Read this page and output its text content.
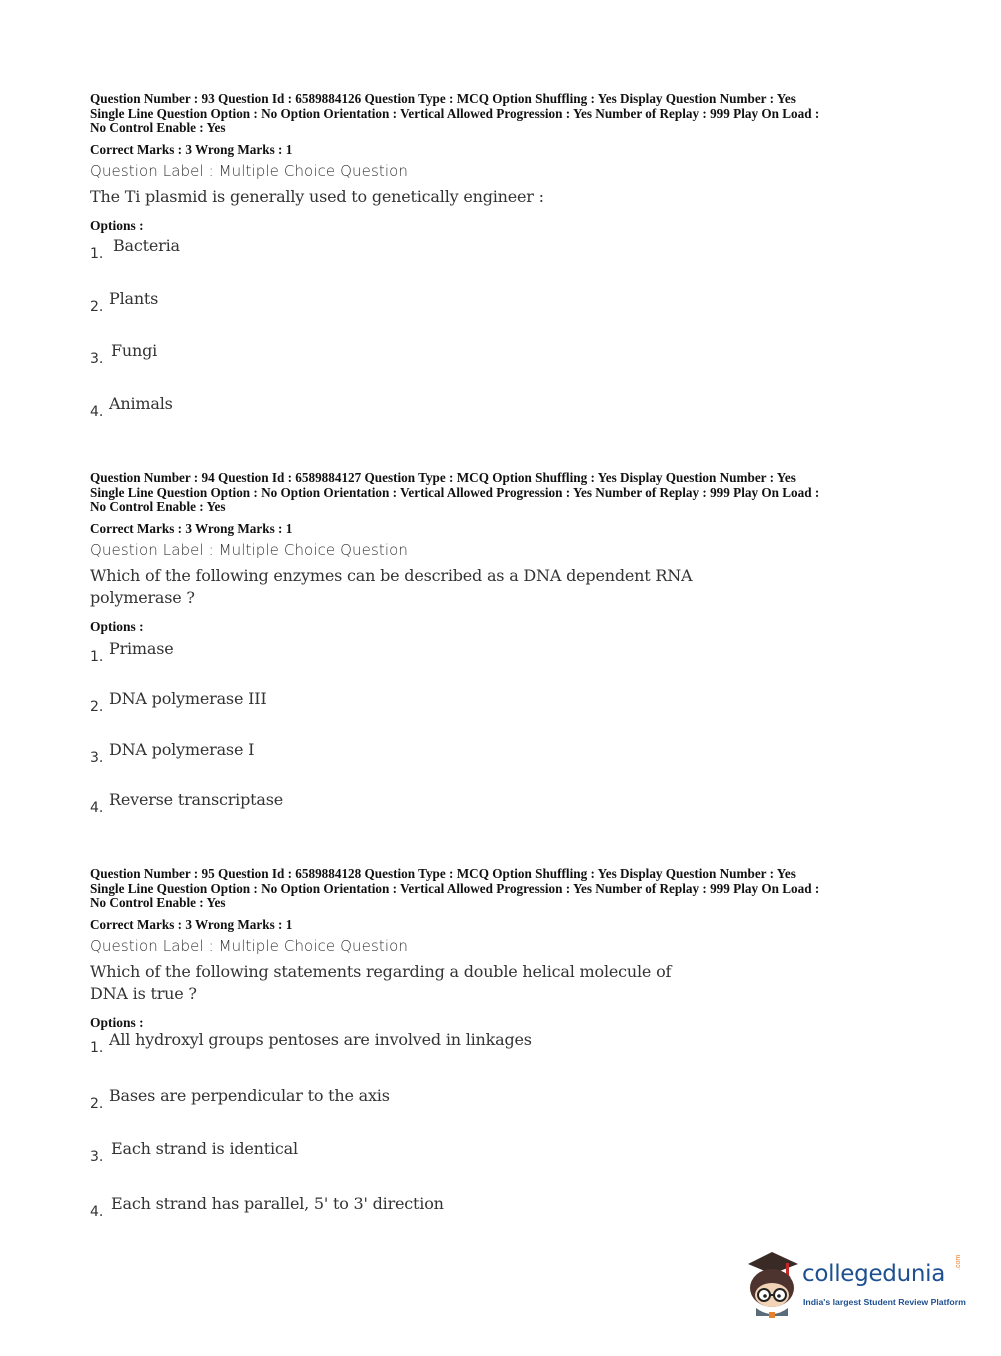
Question Number : 93 Question Id : 6589884126 Question Type : MCQ Option Shuffling : Yes Display Question Number : Yes
Single Line Question Option : No Option Orientation : Vertical Allowed Progression : Yes Number of Replay : 999 Play On Load :
No Control Enable : Yes
Correct Marks : 3 Wrong Marks : 1
Question Label : Multiple Choice Question
The Ti plasmid is generally used to genetically engineer :
Options :
1. Bacteria
2. Plants
3. Fungi
4. Animals
Question Number : 94 Question Id : 6589884127 Question Type : MCQ Option Shuffling : Yes Display Question Number : Yes
Single Line Question Option : No Option Orientation : Vertical Allowed Progression : Yes Number of Replay : 999 Play On Load :
No Control Enable : Yes
Correct Marks : 3 Wrong Marks : 1
Question Label : Multiple Choice Question
Which of the following enzymes can be described as a DNA dependent RNA polymerase ?
Options :
1. Primase
2. DNA polymerase III
3. DNA polymerase I
4. Reverse transcriptase
Question Number : 95 Question Id : 6589884128 Question Type : MCQ Option Shuffling : Yes Display Question Number : Yes
Single Line Question Option : No Option Orientation : Vertical Allowed Progression : Yes Number of Replay : 999 Play On Load :
No Control Enable : Yes
Correct Marks : 3 Wrong Marks : 1
Question Label : Multiple Choice Question
Which of the following statements regarding a double helical molecule of DNA is true ?
Options :
1. All hydroxyl groups pentoses are involved in linkages
2. Bases are perpendicular to the axis
3. Each strand is identical
4. Each strand has parallel, 5' to 3' direction
collegedunia .com
India's largest Student Review Platform
